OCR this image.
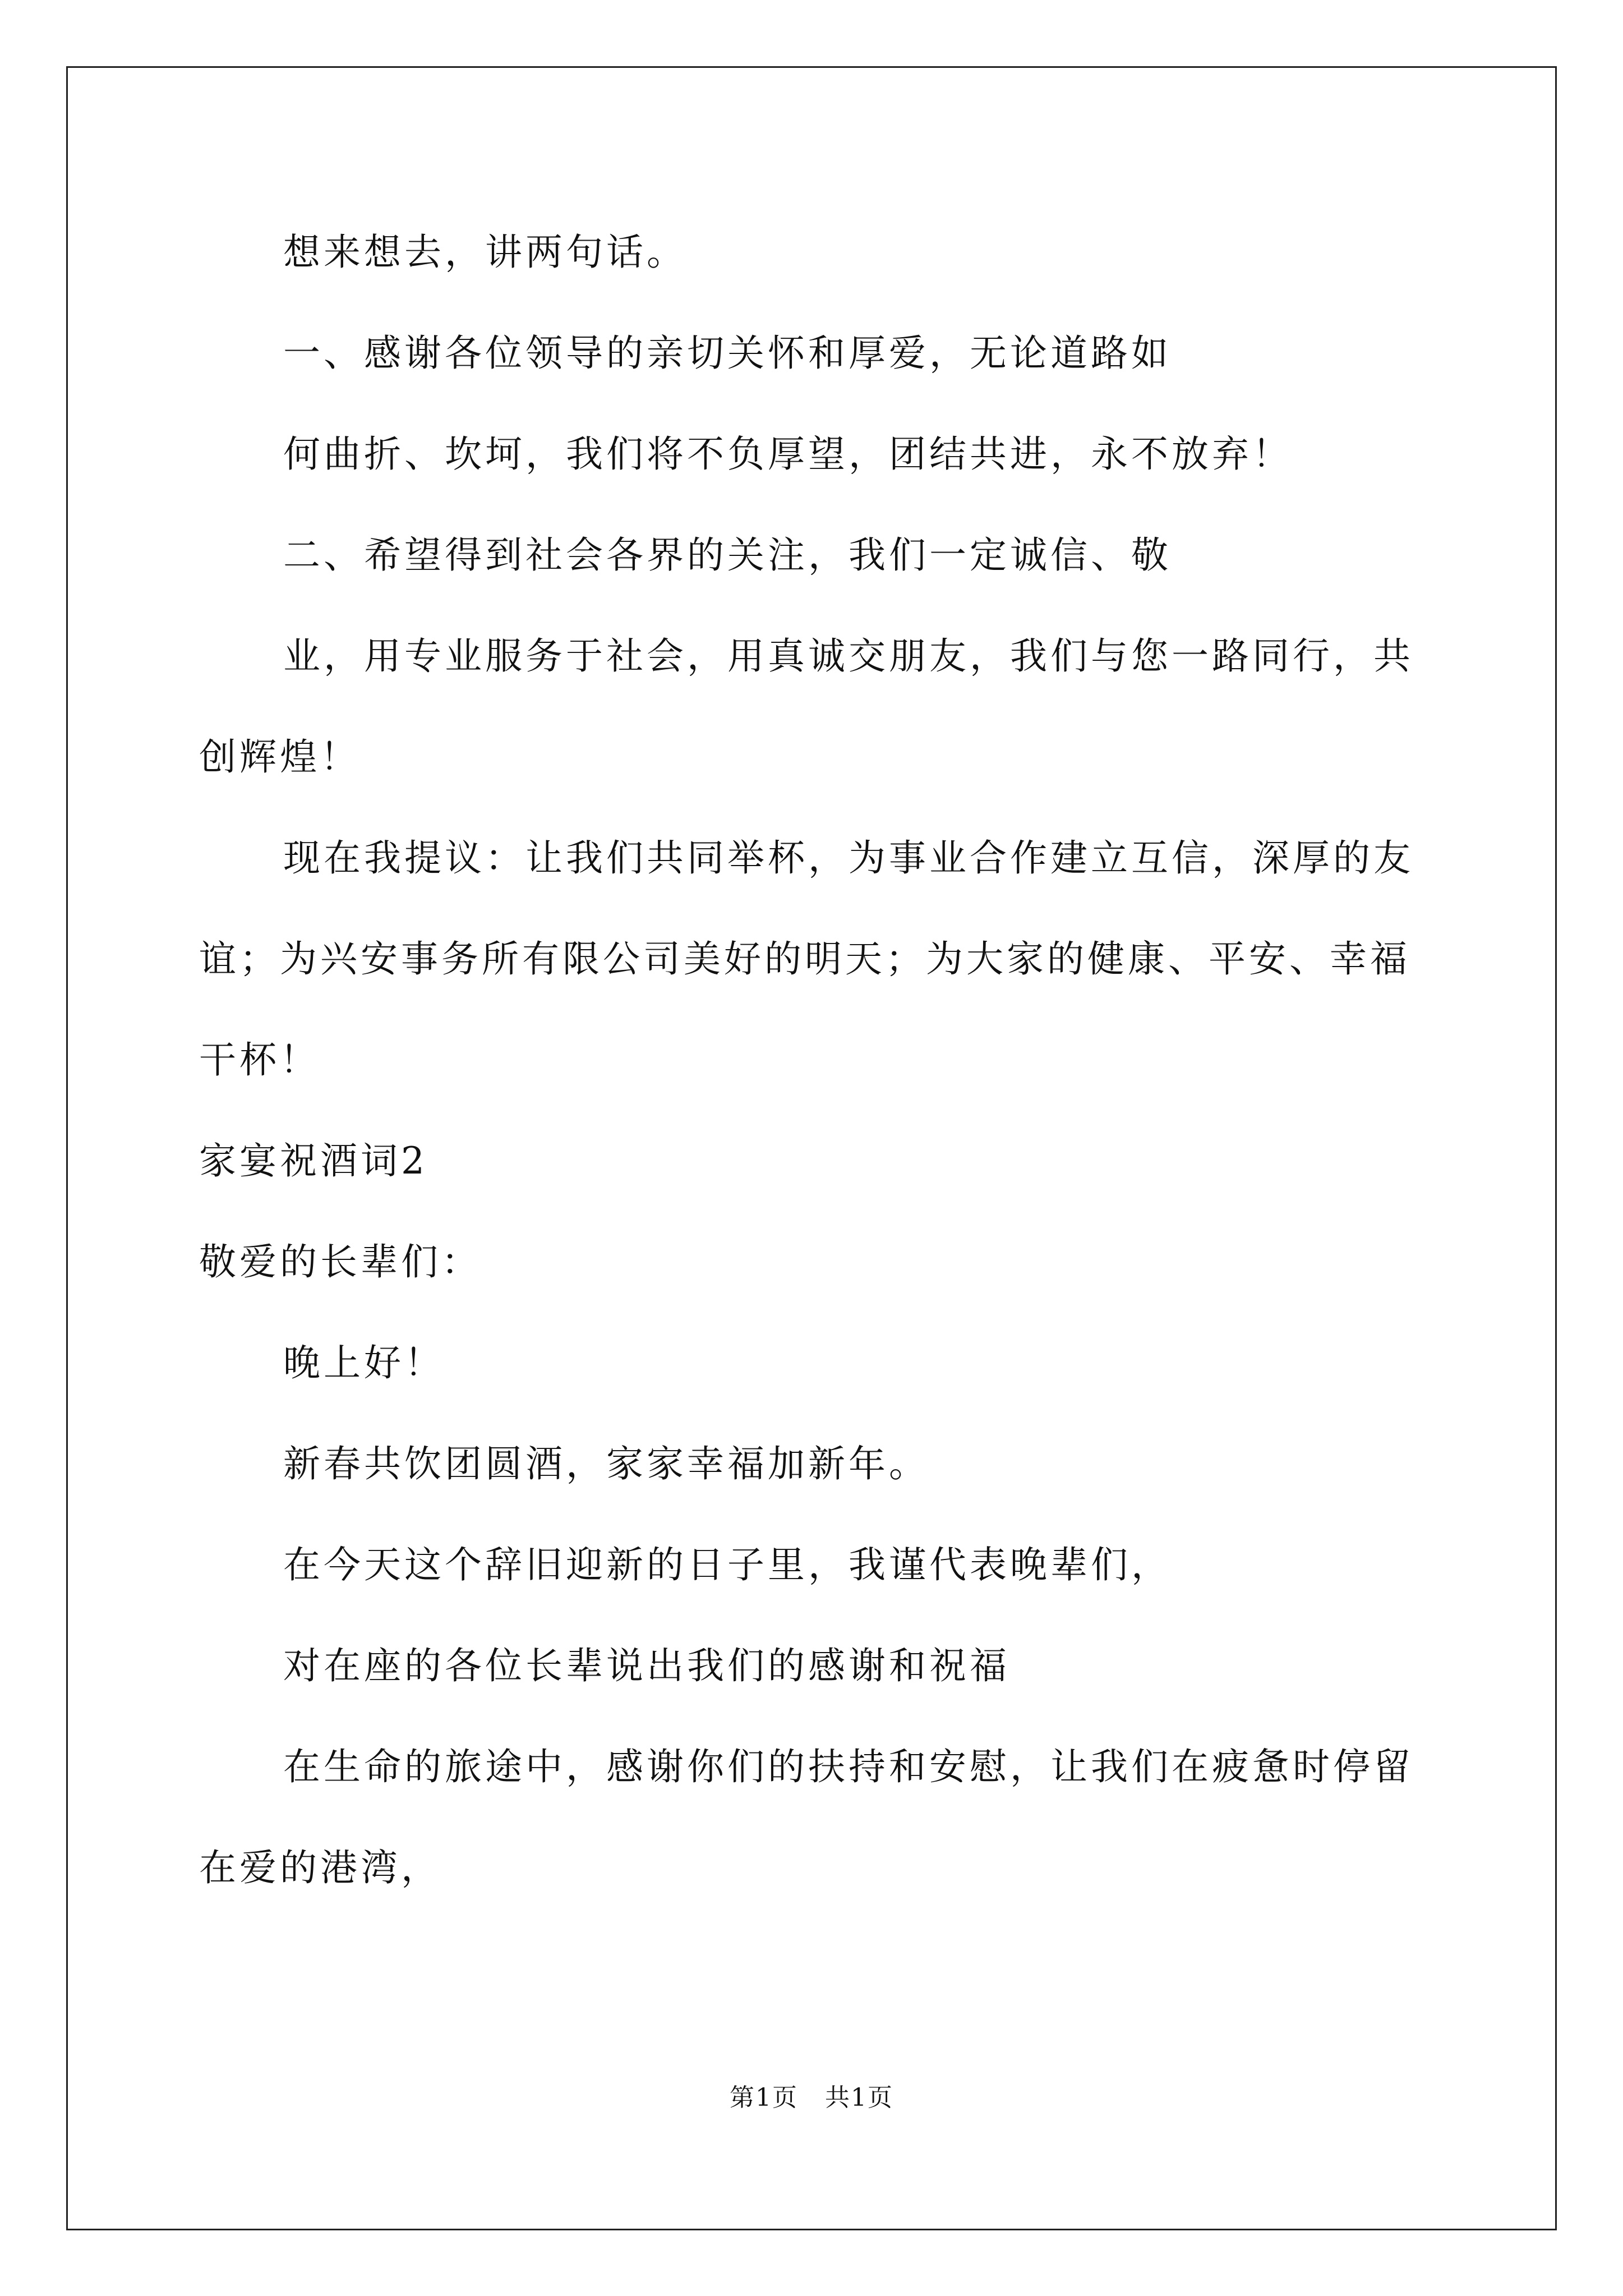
想来想去，讲两句话。
一、感谢各位领导的亲切关怀和厚爱，无论道路如
何曲折、坎坷，我们将不负厚望，团结共进，永不放弃！
二、希望得到社会各界的关注，我们一定诚信、敬
业，用专业服务于社会，用真诚交朋友，我们与您一路同行，共
创辉煌！
现在我提议：让我们共同举杯，为事业合作建立互信，深厚的友
谊；为兴安事务所有限公司美好的明天；为大家的健康、平安、幸福
干杯！
家宴祝酒词2
敬爱的长辈们：
晚上好！
新春共饮团圆酒，家家幸福加新年。
在今天这个辞旧迎新的日子里，我谨代表晚辈们，
对在座的各位长辈说出我们的感谢和祝福
在生命的旅途中，感谢你们的扶持和安慰，让我们在疲惫时停留
在爱的港湾，
第1页 共1页
